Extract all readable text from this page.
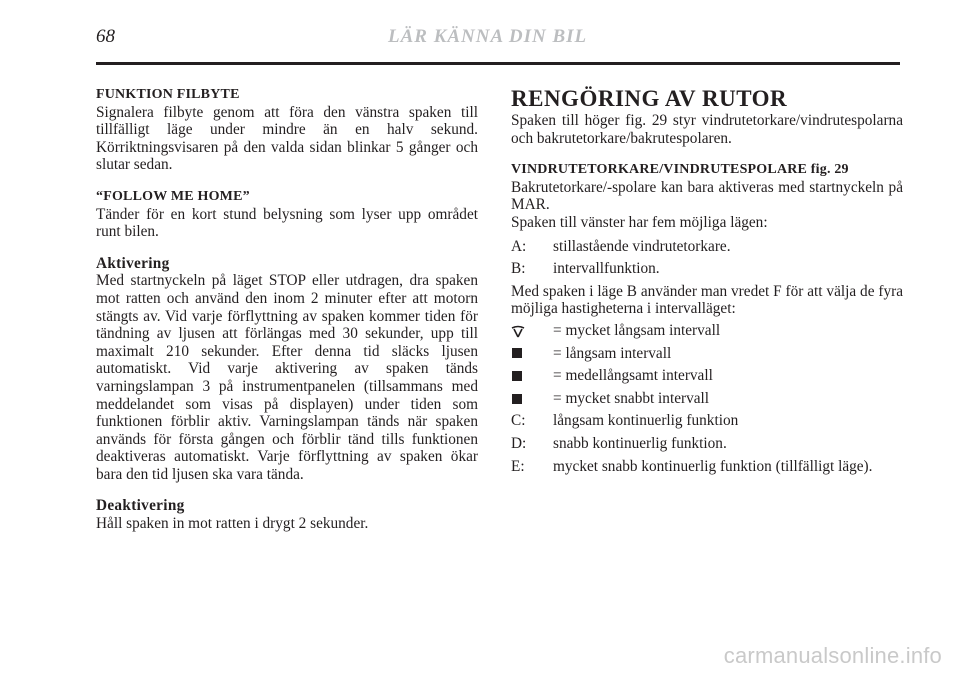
68	LÄR KÄNNA DIN BIL

FUNKTION FILBYTE

Signalera filbyte genom att föra den vänstra spaken till tillfälligt läge under mindre än en halv sekund. Körriktningsvisaren på den valda sidan blinkar 5 gånger och slutar sedan.

“FOLLOW ME HOME”

Tänder för en kort stund belysning som lyser upp området runt bilen.

Aktivering

Med startnyckeln på läget STOP eller utdragen, dra spaken mot ratten och använd den inom 2 minuter efter att motorn stängts av. Vid varje förflyttning av spaken kommer tiden för tändning av ljusen att förlängas med 30 sekunder, upp till maximalt 210 sekunder. Efter denna tid släcks ljusen automatiskt. Vid varje aktivering av spaken tänds varningslampan 3 på instrumentpanelen (tillsammans med meddelandet som visas på displayen) under tiden som funktionen förblir aktiv. Varningslampan tänds när spaken används för första gången och förblir tänd tills funktionen deaktiveras automatiskt. Varje förflyttning av spaken ökar bara den tid ljusen ska vara tända.

Deaktivering

Håll spaken in mot ratten i drygt 2 sekunder.

RENGÖRING AV RUTOR

Spaken till höger fig. 29 styr vindrutetorkare/vindrutespolarna och bakrutetorkare/bakrutespolaren.

VINDRUTETORKARE/VINDRUTESPOLARE fig. 29

Bakrutetorkare/-spolare kan bara aktiveras med startnyckeln på MAR.

Spaken till vänster har fem möjliga lägen:

A:	stillastående vindrutetorkare.
B:	intervallfunktion.

Med spaken i läge B använder man vredet F för att välja de fyra möjliga hastigheterna i intervalläget:

= mycket långsam intervall
= långsam intervall
= medellångsamt intervall
= mycket snabbt intervall
C:	långsam kontinuerlig funktion
D:	snabb kontinuerlig funktion.
E:	mycket snabb kontinuerlig funktion (tillfälligt läge).
carmanualsonline.info
